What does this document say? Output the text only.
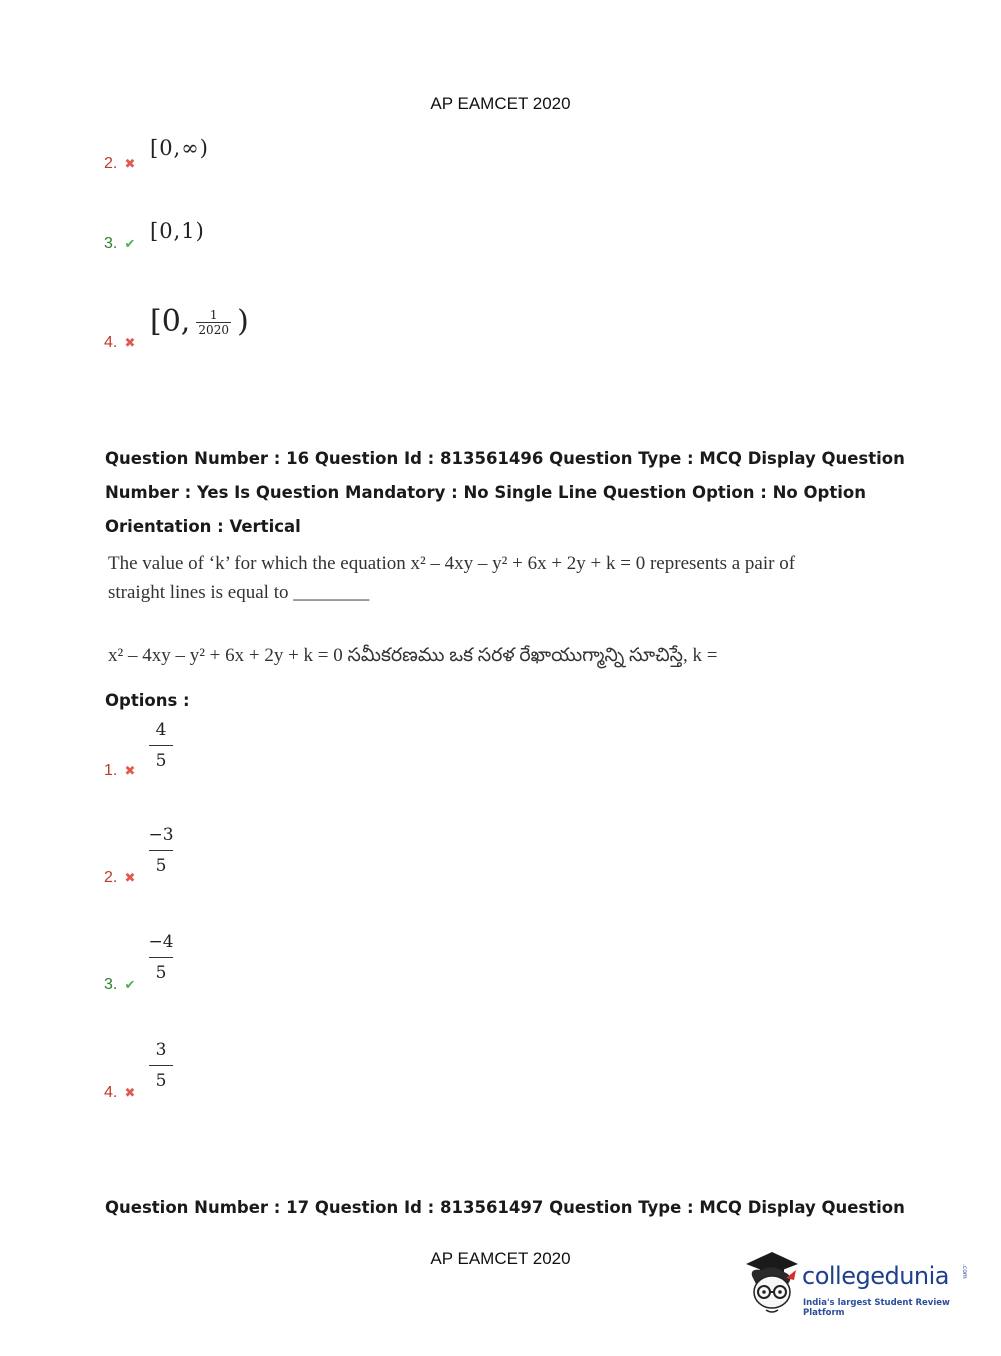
AP EAMCET 2020
2. ✖
[0,∞)
3. ✔
[0,1)
4. ✖
[0, $\frac{1}{2020}$ )
Question Number : 16 Question Id : 813561496 Question Type : MCQ Display Question
Number : Yes Is Question Mandatory : No Single Line Question Option : No Option
Orientation : Vertical
The value of ‘k’ for which the equation x² – 4xy – y² + 6x + 2y + k = 0 represents a pair of
straight lines is equal to ________
x² – 4xy – y² + 6x + 2y + k = 0 సమీకరణము ఒక సరళ రేఖాయుగ్మాన్ని సూచిస్తే, k =
Options :
1. ✖
4
5
2. ✖
−3
5
3. ✔
−4
5
4. ✖
3
5
Question Number : 17 Question Id : 813561497 Question Type : MCQ Display Question
AP EAMCET 2020
collegedunia .com
India's largest Student Review Platform
